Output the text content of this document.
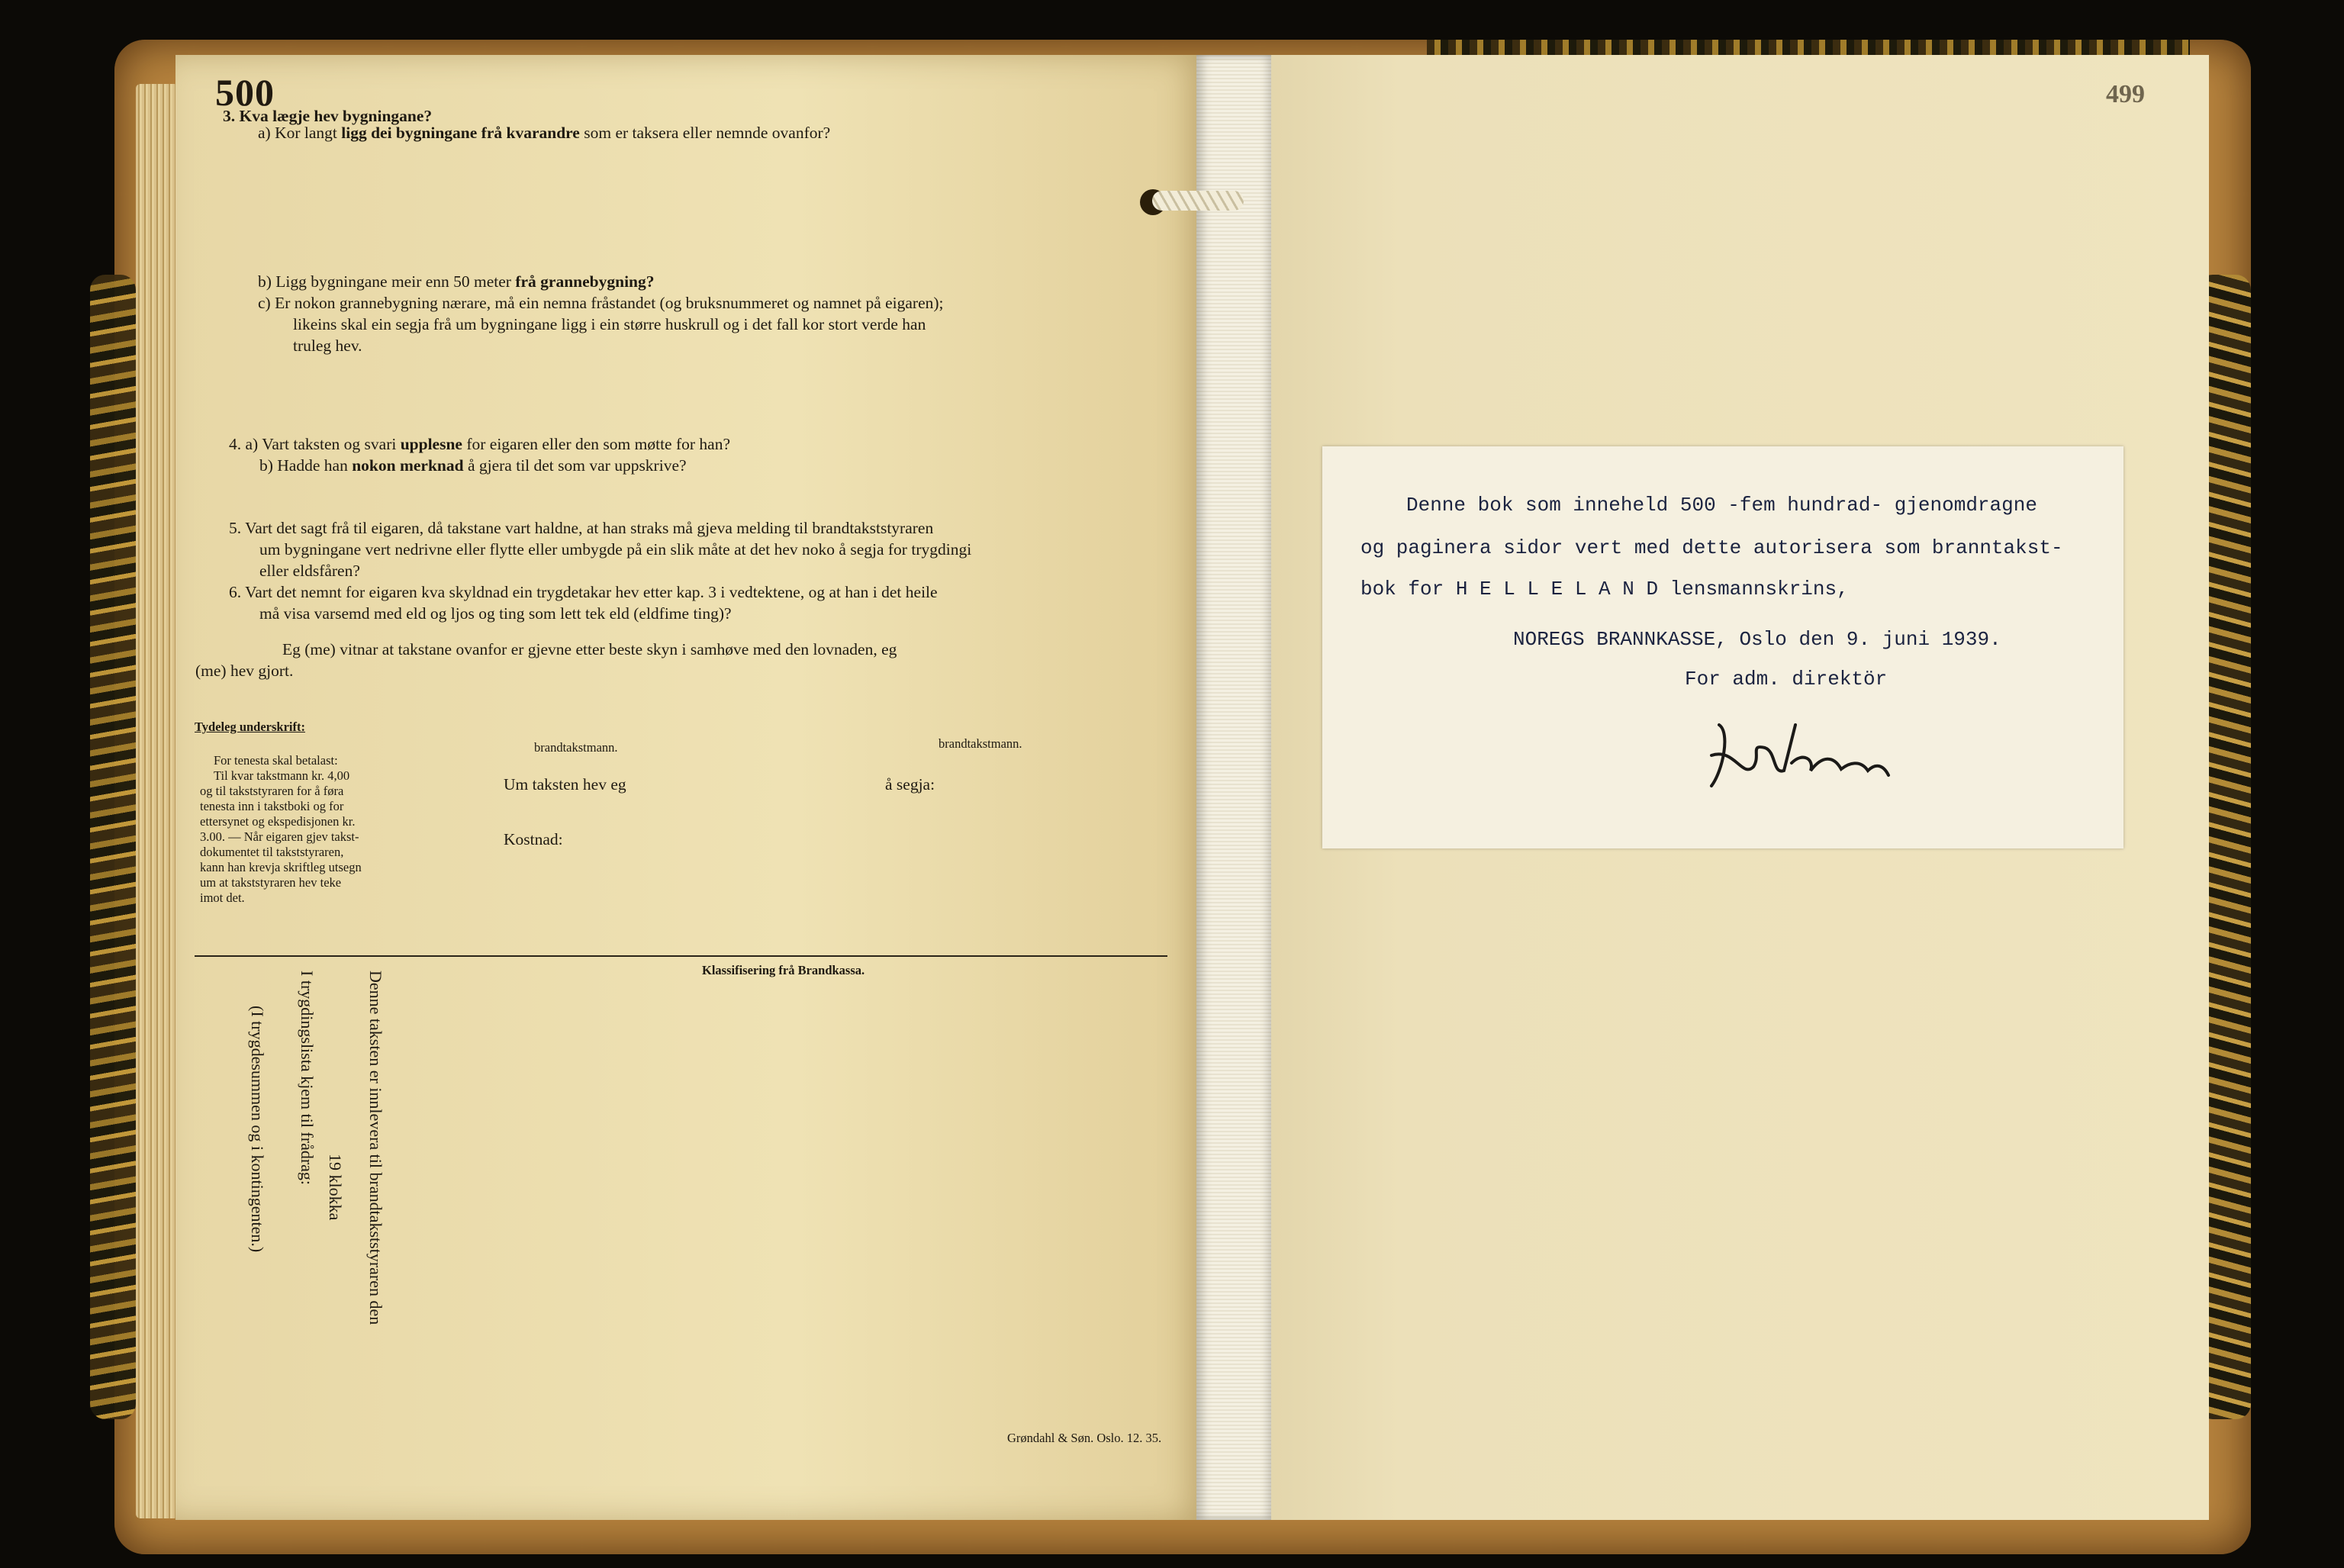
500
3. Kva lægje hev bygningane?
a) Kor langt ligg dei bygningane frå kvarandre som er taksera eller nemnde ovanfor?
b) Ligg bygningane meir enn 50 meter frå grannebygning?
c) Er nokon grannebygning nærare, må ein nemna fråstandet (og bruksnummeret og namnet på eigaren);
likeins skal ein segja frå um bygningane ligg i ein større huskrull og i det fall kor stort verde han
truleg hev.
4. a) Vart taksten og svari upplesne for eigaren eller den som møtte for han?
b) Hadde han nokon merknad å gjera til det som var uppskrive?
5. Vart det sagt frå til eigaren, då takstane vart haldne, at han straks må gjeva melding til brandtakststyraren
um bygningane vert nedrivne eller flytte eller umbygde på ein slik måte at det hev noko å segja for trygdingi
eller eldsfåren?
6. Vart det nemnt for eigaren kva skyldnad ein trygdetakar hev etter kap. 3 i vedtektene, og at han i det heile
må visa varsemd med eld og ljos og ting som lett tek eld (eldfime ting)?
Eg (me) vitnar at takstane ovanfor er gjevne etter beste skyn i samhøve med den lovnaden, eg
(me) hev gjort.
Tydeleg underskrift:
brandtakstmann.	brandtakstmann.
Um taksten hev eg	å segja:
Kostnad:
For tenesta skal betalast:
Til kvar takstmann kr. 4,00
og til takststyraren for å føra
tenesta inn i takstboki og for
ettersynet og ekspedisjonen kr.
3.00. — Når eigaren gjev takst-
dokumentet til takststyraren,
kann han krevja skriftleg utsegn
um at takststyraren hev teke
imot det.
Klassifisering frå Brandkassa.
Denne taksten er innlevera til brandtakststyraren den
19 klokka
I trygdingslista kjem til frådrag:
(I trygdesummen og i kontingenten.)
Grøndahl & Søn. Oslo. 12. 35.
499
Denne bok som inneheld 500 -fem hundrad- gjenomdragne
og paginera sidor vert med dette autorisera som branntakst-
bok for H E L L E L A N D lensmannskrins,
NOREGS BRANNKASSE, Oslo den 9. juni 1939.
For adm. direktör
